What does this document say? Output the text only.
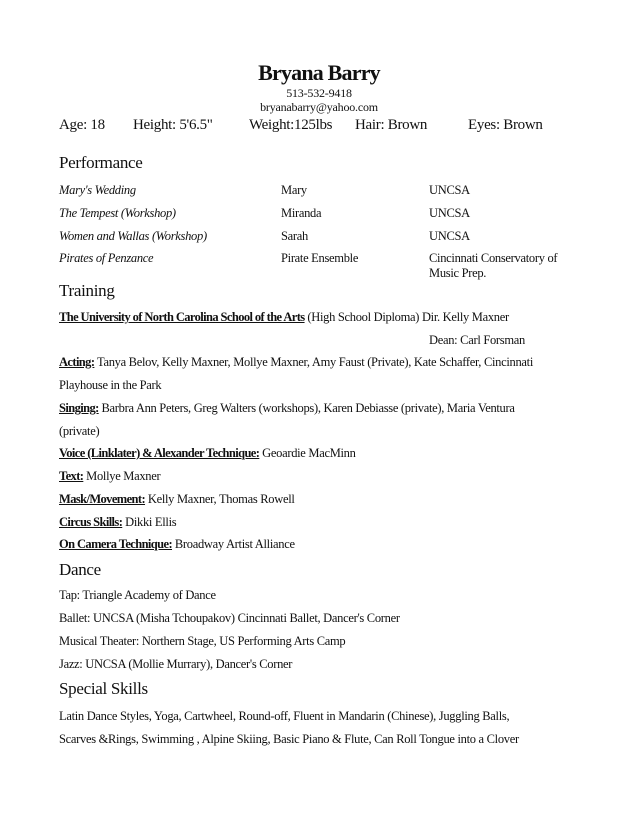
Bryana Barry
513-532-9418
bryanabarry@yahoo.com
Age: 18 Height: 5'6.5" Weight:125lbs Hair: Brown	Eyes: Brown
Performance
Mary's Wedding	Mary	UNCSA
The Tempest (Workshop)	Miranda	UNCSA
Women and Wallas (Workshop)	Sarah	UNCSA
Pirates of Penzance	Pirate Ensemble	Cincinnati Conservatory of Music Prep.
Training
The University of North Carolina School of the Arts (High School Diploma) Dir. Kelly Maxner
Dean: Carl Forsman
Acting: Tanya Belov, Kelly Maxner, Mollye Maxner, Amy Faust (Private), Kate Schaffer, Cincinnati
Playhouse in the Park
Singing: Barbra Ann Peters, Greg Walters (workshops), Karen Debiasse (private), Maria Ventura
(private)
Voice (Linklater) & Alexander Technique: Geoardie MacMinn
Text: Mollye Maxner
Mask/Movement: Kelly Maxner, Thomas Rowell
Circus Skills: Dikki Ellis
On Camera Technique: Broadway Artist Alliance
Dance
Tap: Triangle Academy of Dance
Ballet: UNCSA (Misha Tchoupakov) Cincinnati Ballet, Dancer's Corner
Musical Theater: Northern Stage, US Performing Arts Camp
Jazz: UNCSA (Mollie Murrary), Dancer's Corner
Special Skills
Latin Dance Styles, Yoga, Cartwheel, Round-off, Fluent in Mandarin (Chinese), Juggling Balls,
Scarves &Rings, Swimming , Alpine Skiing, Basic Piano & Flute, Can Roll Tongue into a Clover
